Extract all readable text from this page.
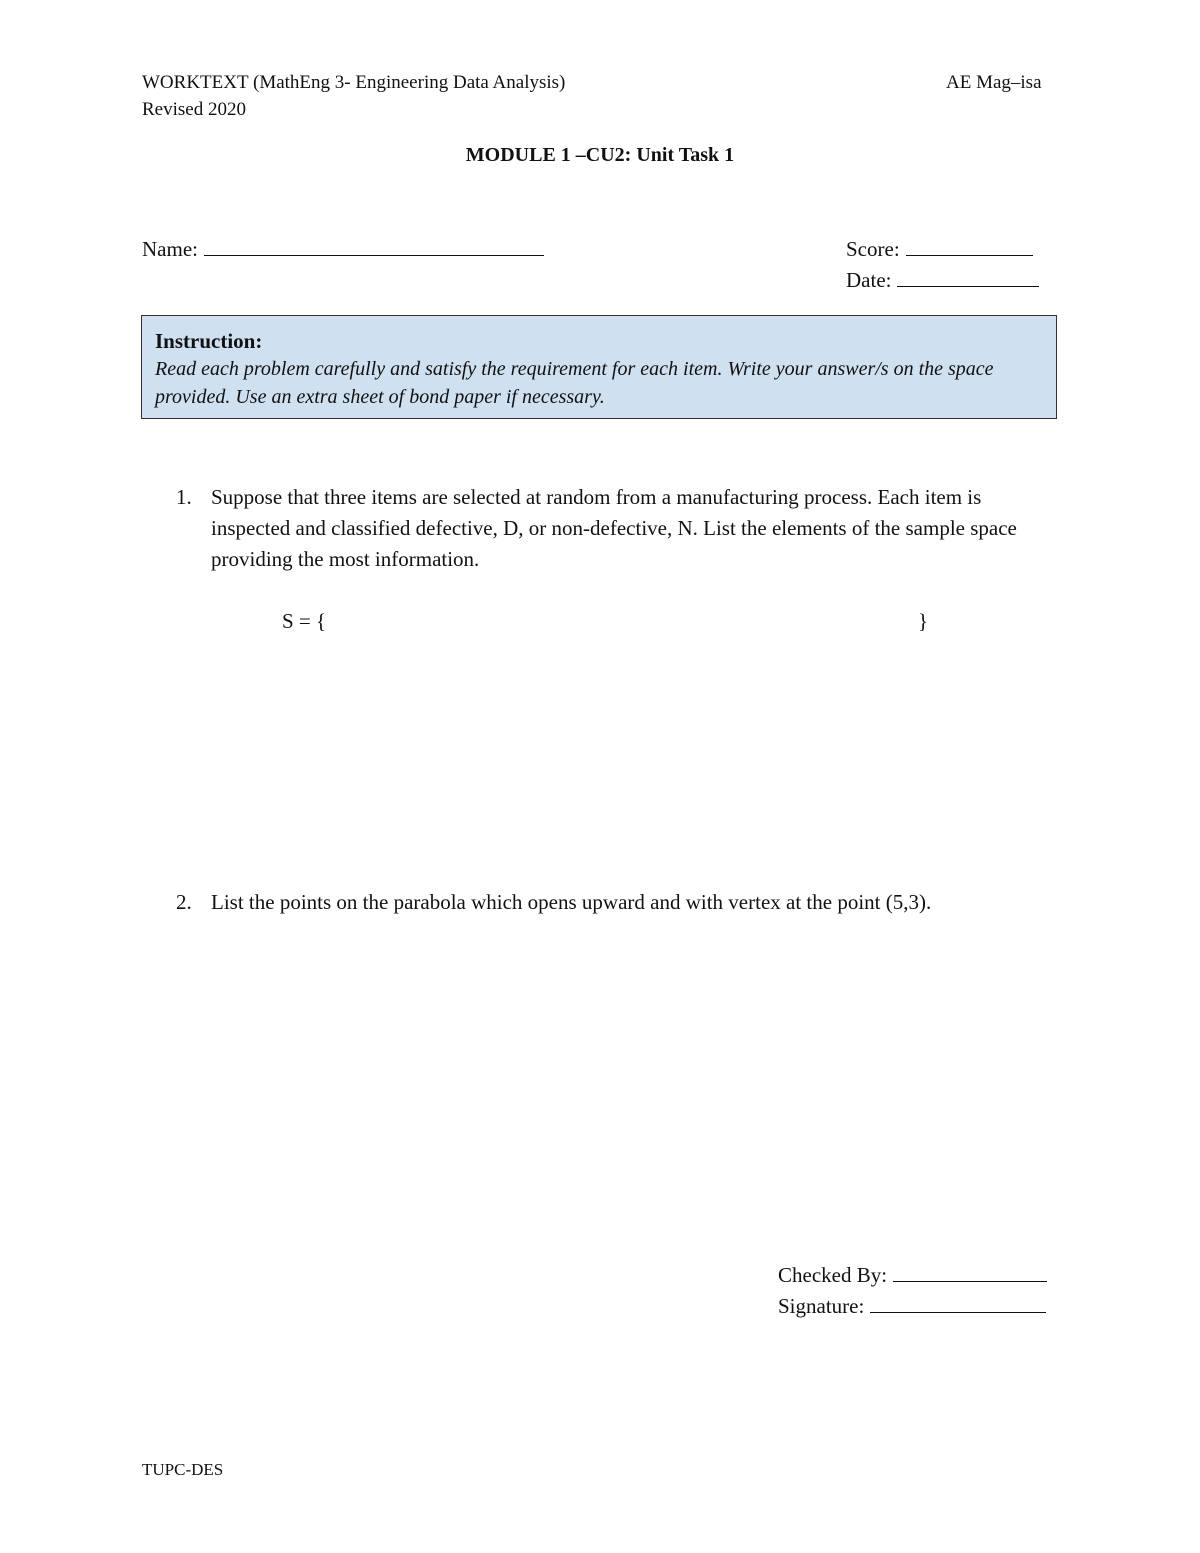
WORKTEXT (MathEng 3- Engineering Data Analysis)
Revised 2020
AE Mag–isa
MODULE 1 –CU2: Unit Task 1
Name:	Score:
Date:
Instruction:
Read each problem carefully and satisfy the requirement for each item. Write your answer/s on the space provided. Use an extra sheet of bond paper if necessary.
1. Suppose that three items are selected at random from a manufacturing process. Each item is inspected and classified defective, D, or non-defective, N. List the elements of the sample space providing the most information.
S = {	}
2. List the points on the parabola which opens upward and with vertex at the point (5,3).
Checked By:
Signature:
TUPC-DES
